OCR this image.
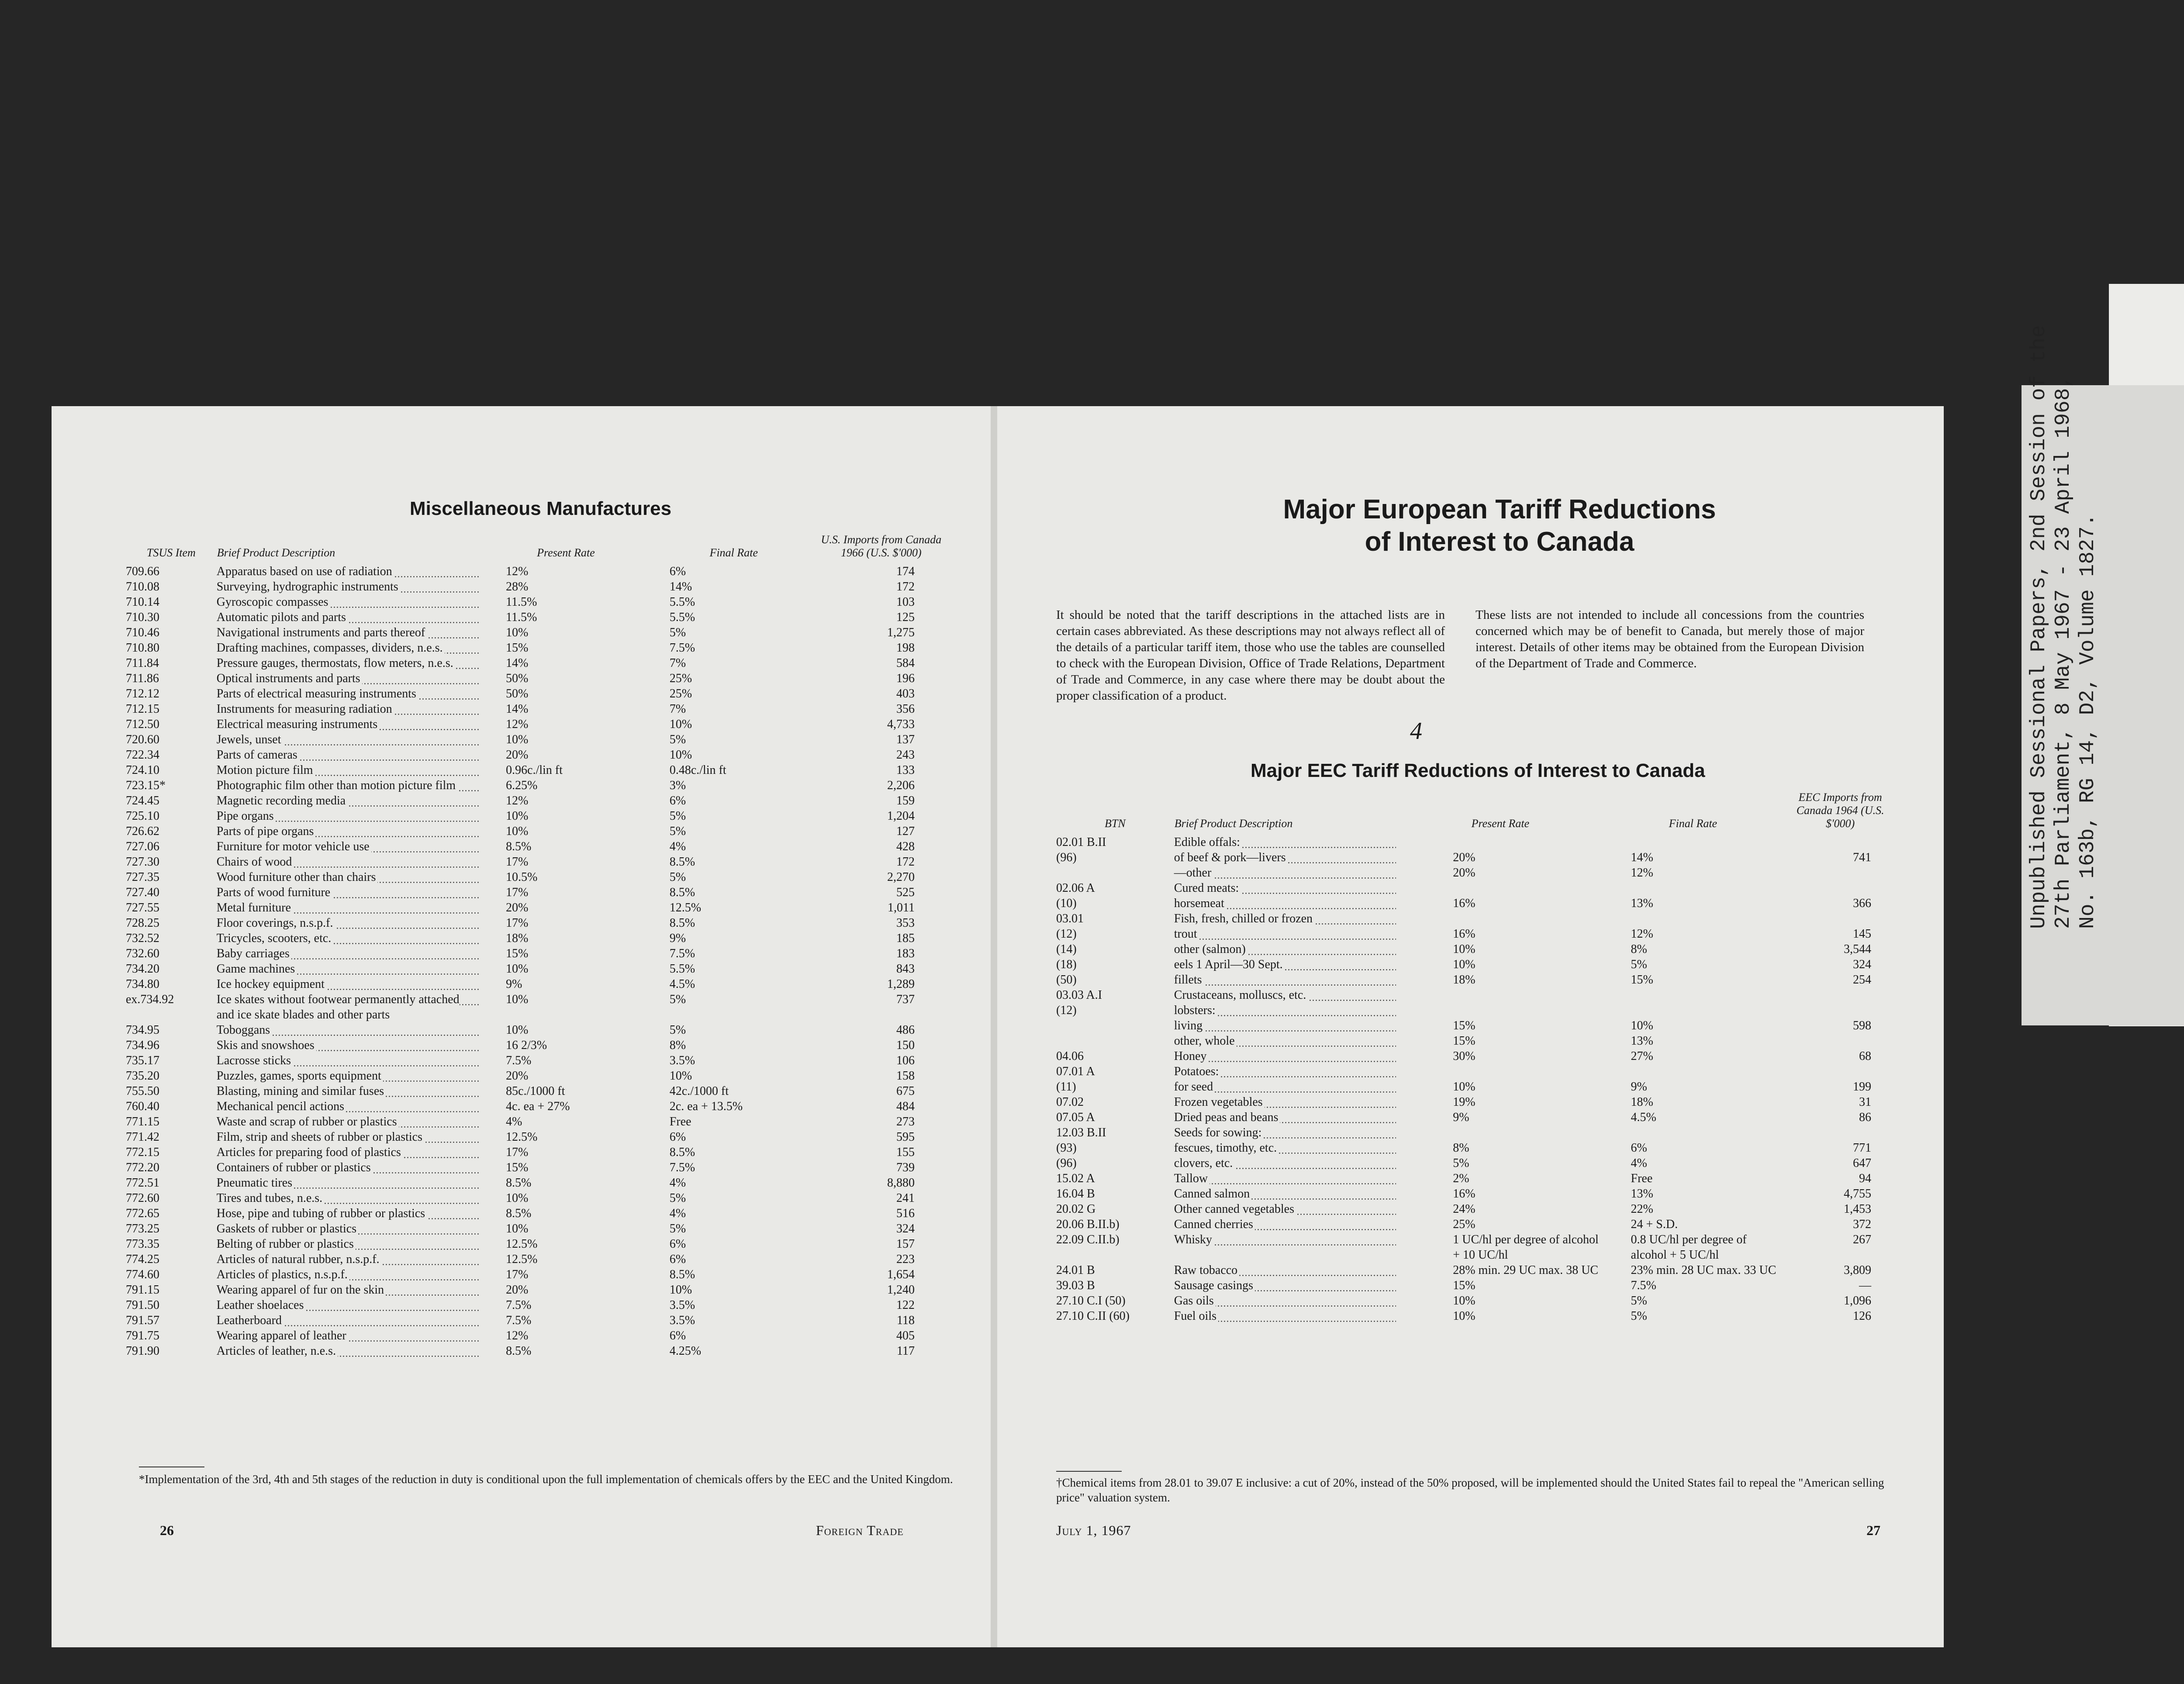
Miscellaneous Manufactures
TSUS Item	Brief Product Description	Present Rate	Final Rate	U.S. Imports from Canada 1966 (U.S. $'000)
709.66	Apparatus based on use of radiation	12%	6%	174
710.08	Surveying, hydrographic instruments	28%	14%	172
710.14	Gyroscopic compasses	11.5%	5.5%	103
710.30	Automatic pilots and parts	11.5%	5.5%	125
710.46	Navigational instruments and parts thereof	10%	5%	1,275
710.80	Drafting machines, compasses, dividers, n.e.s.	15%	7.5%	198
711.84	Pressure gauges, thermostats, flow meters, n.e.s.	14%	7%	584
711.86	Optical instruments and parts	50%	25%	196
712.12	Parts of electrical measuring instruments	50%	25%	403
712.15	Instruments for measuring radiation	14%	7%	356
712.50	Electrical measuring instruments	12%	10%	4,733
720.60	Jewels, unset	10%	5%	137
722.34	Parts of cameras	20%	10%	243
724.10	Motion picture film	0.96c./lin ft	0.48c./lin ft	133
723.15*	Photographic film other than motion picture film	6.25%	3%	2,206
724.45	Magnetic recording media	12%	6%	159
725.10	Pipe organs	10%	5%	1,204
726.62	Parts of pipe organs	10%	5%	127
727.06	Furniture for motor vehicle use	8.5%	4%	428
727.30	Chairs of wood	17%	8.5%	172
727.35	Wood furniture other than chairs	10.5%	5%	2,270
727.40	Parts of wood furniture	17%	8.5%	525
727.55	Metal furniture	20%	12.5%	1,011
728.25	Floor coverings, n.s.p.f.	17%	8.5%	353
732.52	Tricycles, scooters, etc.	18%	9%	185
732.60	Baby carriages	15%	7.5%	183
734.20	Game machines	10%	5.5%	843
734.80	Ice hockey equipment	9%	4.5%	1,289
ex.734.92	Ice skates without footwear permanently attached and ice skate blades and other parts	10%	5%	737
734.95	Toboggans	10%	5%	486
734.96	Skis and snowshoes	16 2/3%	8%	150
735.17	Lacrosse sticks	7.5%	3.5%	106
735.20	Puzzles, games, sports equipment	20%	10%	158
755.50	Blasting, mining and similar fuses	85c./1000 ft	42c./1000 ft	675
760.40	Mechanical pencil actions	4c. ea + 27%	2c. ea + 13.5%	484
771.15	Waste and scrap of rubber or plastics	4%	Free	273
771.42	Film, strip and sheets of rubber or plastics	12.5%	6%	595
772.15	Articles for preparing food of plastics	17%	8.5%	155
772.20	Containers of rubber or plastics	15%	7.5%	739
772.51	Pneumatic tires	8.5%	4%	8,880
772.60	Tires and tubes, n.e.s.	10%	5%	241
772.65	Hose, pipe and tubing of rubber or plastics	8.5%	4%	516
773.25	Gaskets of rubber or plastics	10%	5%	324
773.35	Belting of rubber or plastics	12.5%	6%	157
774.25	Articles of natural rubber, n.s.p.f.	12.5%	6%	223
774.60	Articles of plastics, n.s.p.f.	17%	8.5%	1,654
791.15	Wearing apparel of fur on the skin	20%	10%	1,240
791.50	Leather shoelaces	7.5%	3.5%	122
791.57	Leatherboard	7.5%	3.5%	118
791.75	Wearing apparel of leather	12%	6%	405
791.90	Articles of leather, n.e.s.	8.5%	4.25%	117
*Implementation of the 3rd, 4th and 5th stages of the reduction in duty is conditional upon the full implementation of chemicals offers by the EEC and the United Kingdom.
26	Foreign Trade
Major European Tariff Reductions
of Interest to Canada
It should be noted that the tariff descriptions in the attached lists are in certain cases abbreviated. As these descriptions may not always reflect all of the details of a particular tariff item, those who use the tables are counselled to check with the European Division, Office of Trade Relations, Department of Trade and Commerce, in any case where there may be doubt about the proper classification of a product.
These lists are not intended to include all concessions from the countries concerned which may be of benefit to Canada, but merely those of major interest. Details of other items may be obtained from the European Division of the Department of Trade and Commerce.
Major EEC Tariff Reductions of Interest to Canada
BTN	Brief Product Description	Present Rate	Final Rate	EEC Imports from Canada 1964 (U.S. $'000)
02.01 B.II	Edible offals:			
(96)	of beef & pork—livers	20%	14%	741
	—other	20%	12%	
02.06 A	Cured meats:			
(10)	horsemeat	16%	13%	366
03.01	Fish, fresh, chilled or frozen			
(12)	trout	16%	12%	145
(14)	other (salmon)	10%	8%	3,544
(18)	eels 1 April—30 Sept.	10%	5%	324
(50)	fillets	18%	15%	254
03.03 A.I	Crustaceans, molluscs, etc.			
(12)	lobsters:			
	living	15%	10%	598
	other, whole	15%	13%	
04.06	Honey	30%	27%	68
07.01 A	Potatoes:			
(11)	for seed	10%	9%	199
07.02	Frozen vegetables	19%	18%	31
07.05 A	Dried peas and beans	9%	4.5%	86
12.03 B.II	Seeds for sowing:			
(93)	fescues, timothy, etc.	8%	6%	771
(96)	clovers, etc.	5%	4%	647
15.02 A	Tallow	2%	Free	94
16.04 B	Canned salmon	16%	13%	4,755
20.02 G	Other canned vegetables	24%	22%	1,453
20.06 B.II.b)	Canned cherries	25%	24 + S.D.	372
22.09 C.II.b)	Whisky	1 UC/hl per degree of alcohol + 10 UC/hl	0.8 UC/hl per degree of alcohol + 5 UC/hl	267
24.01 B	Raw tobacco	28% min. 29 UC max. 38 UC	23% min. 28 UC max. 33 UC	3,809
39.03 B	Sausage casings	15%	7.5%	—
27.10 C.I (50)	Gas oils	10%	5%	1,096
27.10 C.II (60)	Fuel oils	10%	5%	126
†Chemical items from 28.01 to 39.07 E inclusive: a cut of 20%, instead of the 50% proposed, will be implemented should the United States fail to repeal the "American selling price" valuation system.
July 1, 1967	27
4	Unpublished Sessional Papers, 2nd Session of the 27th Parliament, 8 May 1967 - 23 April 1968, No. 163b, RG 14, D2, Volume 1827.
